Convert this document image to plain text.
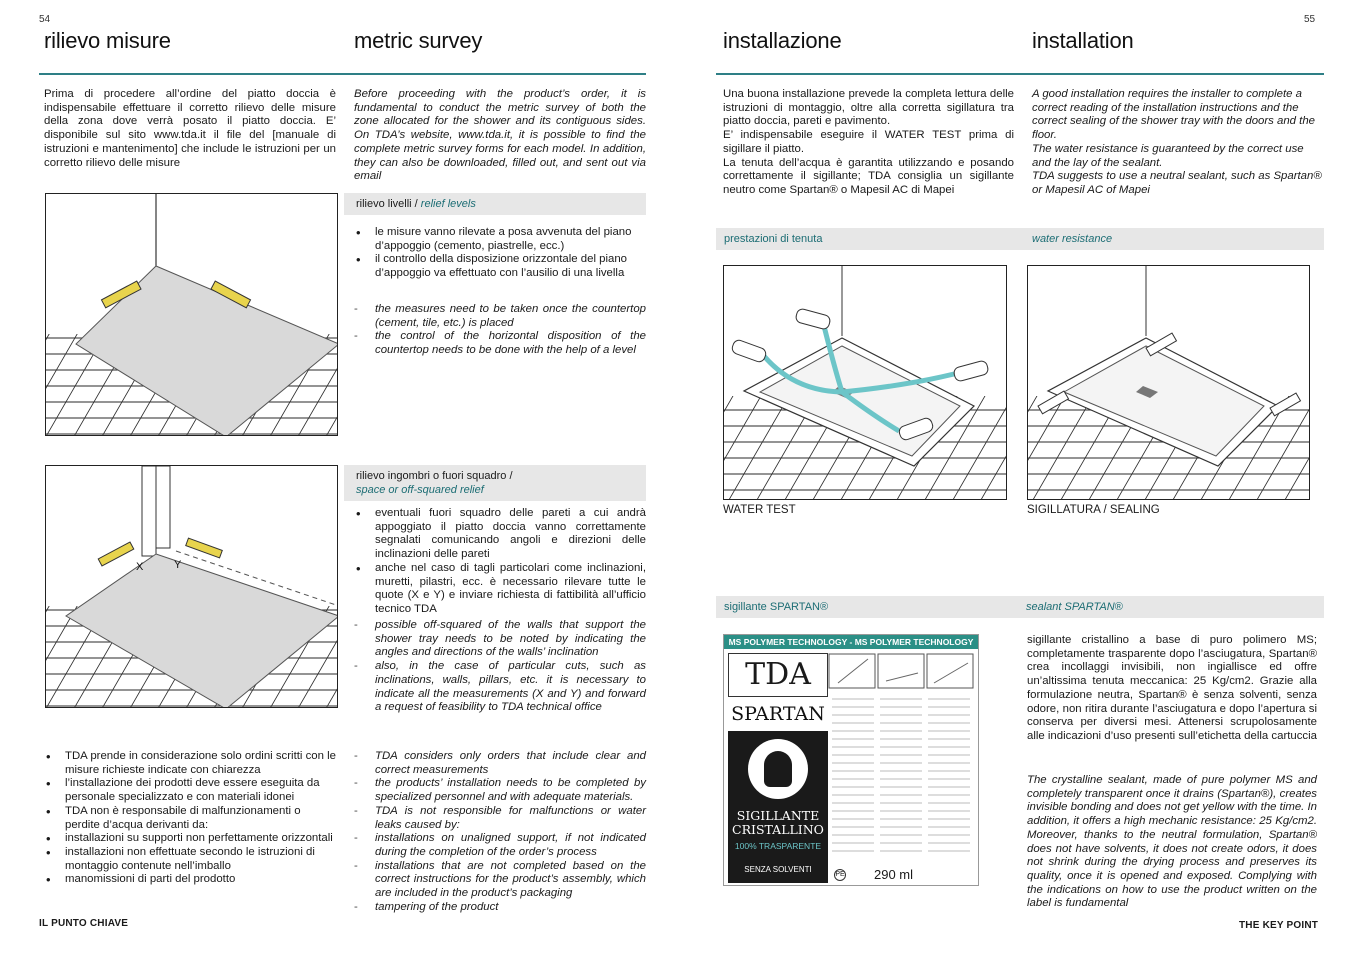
54
rilievo misure	metric survey
Prima di procedere all’ordine del piatto doccia è indispensabile effettuare il corretto rilievo delle misure della zona dove verrà posato il piatto doccia. E’ disponibile sul sito www.tda.it il file del [manuale di istruzioni e mantenimento] che include le istruzioni per un corretto rilievo delle misure
Before proceeding with the product’s order, it is fundamental to conduct the metric survey of both the zone allocated for the shower and its contiguous sides. On TDA’s website, www.tda.it, it is possible to find the complete metric survey forms for each model. In addition, they can also be downloaded, filled out, and sent out via email
rilievo livelli / relief levels
• le misure vanno rilevate a posa avvenuta del piano d’appoggio (cemento, piastrelle, ecc.)
• il controllo della disposizione orizzontale del piano d’appoggio va effettuato con l’ausilio di una livella
- the measures need to be taken once the countertop (cement, tile, etc.) is placed
- the control of the horizontal disposition of the countertop needs to be done with the help of a level
X	Y
rilievo ingombri o fuori squadro /
space or off-squared relief
• eventuali fuori squadro delle pareti a cui andrà appoggiato il piatto doccia vanno correttamente segnalati comunicando angoli e direzioni delle inclinazioni delle pareti
• anche nel caso di tagli particolari come inclinazioni, muretti, pilastri, ecc. è necessario rilevare tutte le quote (X e Y) e inviare richiesta di fattibilità all’ufficio tecnico TDA
- possible off-squared of the walls that support the shower tray needs to be noted by indicating the angles and directions of the walls’ inclination
- also, in the case of particular cuts, such as inclinations, walls, pillars, etc. it is necessary to indicate all the measurements (X and Y) and forward a request of feasibility to TDA technical office
• TDA prende in considerazione solo ordini scritti con le misure richieste indicate con chiarezza
• l’installazione dei prodotti deve essere eseguita da personale specializzato e con materiali idonei
• TDA non è responsabile di malfunzionamenti o perdite d’acqua derivanti da:
• installazioni su supporti non perfettamente orizzontali
• installazioni non effettuate secondo le istruzioni di montaggio contenute nell’imballo
• manomissioni di parti del prodotto
- TDA considers only orders that include clear and correct measurements
- the products’ installation needs to be completed by specialized personnel and with adequate materials.
- TDA is not responsible for malfunctions or water leaks caused by:
- installations on unaligned support, if not indicated during the completion of the order’s process
- installations that are not completed based on the correct instructions for the product’s assembly, which are included in the product’s packaging
- tampering of the product
IL PUNTO CHIAVE
55
installazione	installation
Una buona installazione prevede la completa lettura delle istruzioni di montaggio, oltre alla corretta sigillatura tra piatto doccia, pareti e pavimento.
E’ indispensabile eseguire il WATER TEST prima di sigillare il piatto.
La tenuta dell’acqua è garantita utilizzando e posando correttamente il sigillante; TDA consiglia un sigillante neutro come Spartan® o Mapesil AC di Mapei
A good installation requires the installer to complete a correct reading of the installation instructions and the correct sealing of the shower tray with the doors and the floor.
The water resistance is guaranteed by the correct use and the lay of the sealant.
TDA suggests to use a neutral sealant, such as Spartan® or Mapesil AC of Mapei
prestazioni di tenuta	water resistance
WATER TEST	SIGILLATURA / SEALING
sigillante SPARTAN®	sealant SPARTAN®
MS POLYMER TECHNOLOGY - MS POLYMER TECHNOLOGY
TDA
SPARTAN
SIGILLANTE
CRISTALLINO
100% TRASPARENTE
SENZA SOLVENTI
PE 290 ml
sigillante cristallino a base di puro polimero MS; completamente trasparente dopo l’asciugatura, Spartan® crea incollaggi invisibili, non ingiallisce ed offre un’altissima tenuta meccanica: 25 Kg/cm2. Grazie alla formulazione neutra, Spartan® è senza solventi, senza odore, non ritira durante l’asciugatura e dopo l’apertura si conserva per diversi mesi. Attenersi scrupolosamente alle indicazioni d’uso presenti sull’etichetta della cartuccia
The crystalline sealant, made of pure polymer MS and completely transparent once it drains (Spartan®), creates invisible bonding and does not get yellow with the time. In addition, it offers a high mechanic resistance: 25 Kg/cm2. Moreover, thanks to the neutral formulation, Spartan® does not have solvents, it does not create odors, it does not shrink during the drying process and preserves its quality, once it is opened and exposed. Complying with the indications on how to use the product written on the label is fundamental
THE KEY POINT
